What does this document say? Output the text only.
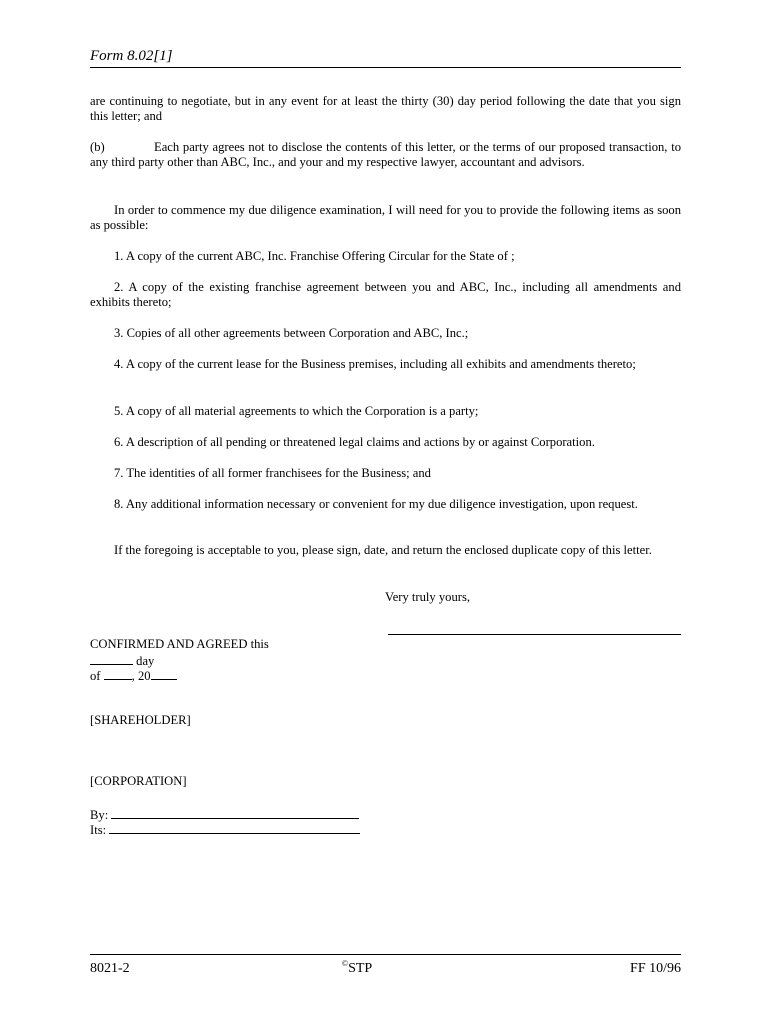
Form 8.02[1]
are continuing to negotiate, but in any event for at least the thirty (30) day period following the date that you sign this letter; and
(b)	Each party agrees not to disclose the contents of this letter, or the terms of our proposed transaction, to any third party other than ABC, Inc., and your and my respective lawyer, accountant and advisors.
In order to commence my due diligence examination, I will need for you to provide the following items as soon as possible:
1. A copy of the current ABC, Inc. Franchise Offering Circular for the State of ;
2. A copy of the existing franchise agreement between you and ABC, Inc., including all amendments and exhibits thereto;
3. Copies of all other agreements between Corporation and ABC, Inc.;
4. A copy of the current lease for the Business premises, including all exhibits and amendments thereto;
5. A copy of all material agreements to which the Corporation is a party;
6. A description of all pending or threatened legal claims and actions by or against Corporation.
7. The identities of all former franchisees for the Business; and
8. Any additional information necessary or convenient for my due diligence investigation, upon request.
If the foregoing is acceptable to you, please sign, date, and return the enclosed duplicate copy of this letter.
Very truly yours,
CONFIRMED AND AGREED this
day
of , 20
[SHAREHOLDER]
[CORPORATION]
By:
Its:
8021-2	©STP	FF 10/96
